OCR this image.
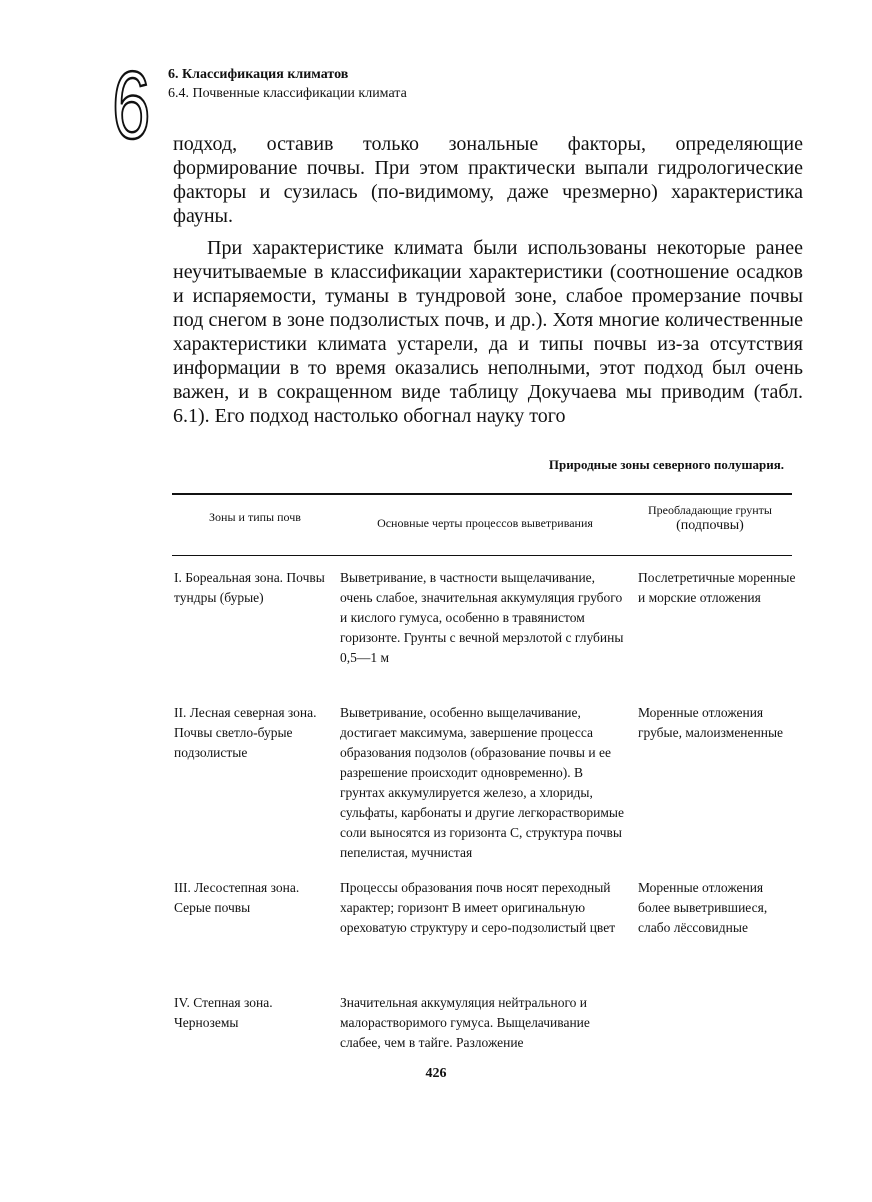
6 6. Классификация климатов
6.4. Почвенные классификации климата

подход, оставив только зональные факторы, определяющие формирование почвы. При этом практически выпали гидрологические факторы и сузилась (по-видимому, даже чрезмерно) характеристика фауны.

При характеристике климата были использованы некоторые ранее неучитываемые в классификации характеристики (соотношение осадков и испаряемости, туманы в тундровой зоне, слабое промерзание почвы под снегом в зоне подзолистых почв, и др.). Хотя многие количественные характеристики климата устарели, да и типы почвы из-за отсутствия информации в то время оказались неполными, этот подход был очень важен, и в сокращенном виде таблицу Докучаева мы приводим (табл. 6.1). Его подход настолько обогнал науку того

Природные зоны северного полушария.
Зоны и типы почв	Основные черты процессов выветривания
Преобладающие грунты
(подпочвы)
I. Бореальная зона. Почвы тундры (бурые)
Выветривание, в частности выщелачивание, очень слабое, значительная аккумуляция грубого и кислого гумуса, особенно в травянистом горизонте. Грунты с вечной мерзлотой с глубины 0,5—1 м
Послетретичные моренные и морские отложения
II. Лесная северная зона. Почвы светло-бурые подзолистые
Выветривание, особенно выщелачивание, достигает максимума, завершение процесса образования подзолов (образование почвы и ее разрешение происходит одновременно). В грунтах аккумулируется железо, а хлориды, сульфаты, карбонаты и другие легкорастворимые соли выносятся из горизонта С, структура почвы пепелистая, мучнистая
Моренные отложения грубые, малоизмененные
III. Лесостепная зона. Серые почвы
Процессы образования почв носят переходный характер; горизонт В имеет оригинальную ореховатую структуру и серо-подзолистый цвет
Моренные отложения более выветрившиеся, слабо лёссовидные
IV. Степная зона. Черноземы
Значительная аккумуляция нейтрального и малорастворимого гумуса. Выщелачивание слабее, чем в тайге. Разложение
426
